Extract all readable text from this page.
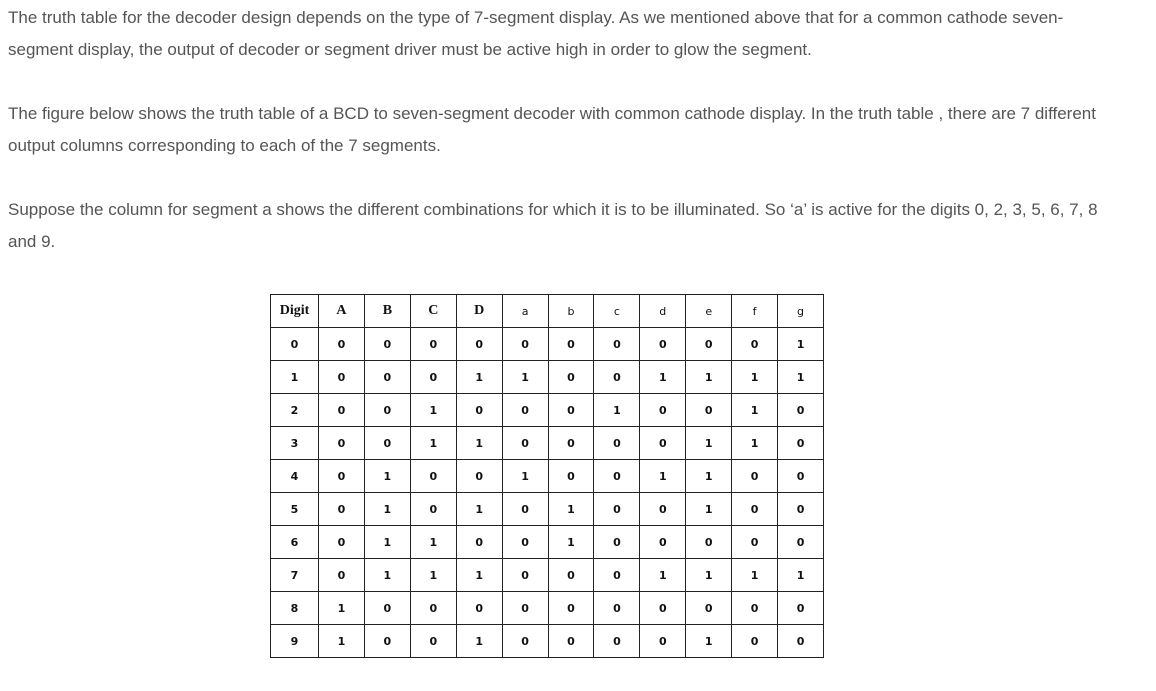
The truth table for the decoder design depends on the type of 7-segment display. As we mentioned above that for a common cathode seven-segment display, the output of decoder or segment driver must be active high in order to glow the segment.

The figure below shows the truth table of a BCD to seven-segment decoder with common cathode display. In the truth table , there are 7 different output columns corresponding to each of the 7 segments.

Suppose the column for segment a shows the different combinations for which it is to be illuminated. So ‘a’ is active for the digits 0, 2, 3, 5, 6, 7, 8 and 9.

Digit	A	B	C	D	a	b	c	d	e	f	g
0	0	0	0	0	0	0	0	0	0	0	1
1	0	0	0	1	1	0	0	1	1	1	1
2	0	0	1	0	0	0	1	0	0	1	0
3	0	0	1	1	0	0	0	0	1	1	0
4	0	1	0	0	1	0	0	1	1	0	0
5	0	1	0	1	0	1	0	0	1	0	0
6	0	1	1	0	0	1	0	0	0	0	0
7	0	1	1	1	0	0	0	1	1	1	1
8	1	0	0	0	0	0	0	0	0	0	0
9	1	0	0	1	0	0	0	0	1	0	0
